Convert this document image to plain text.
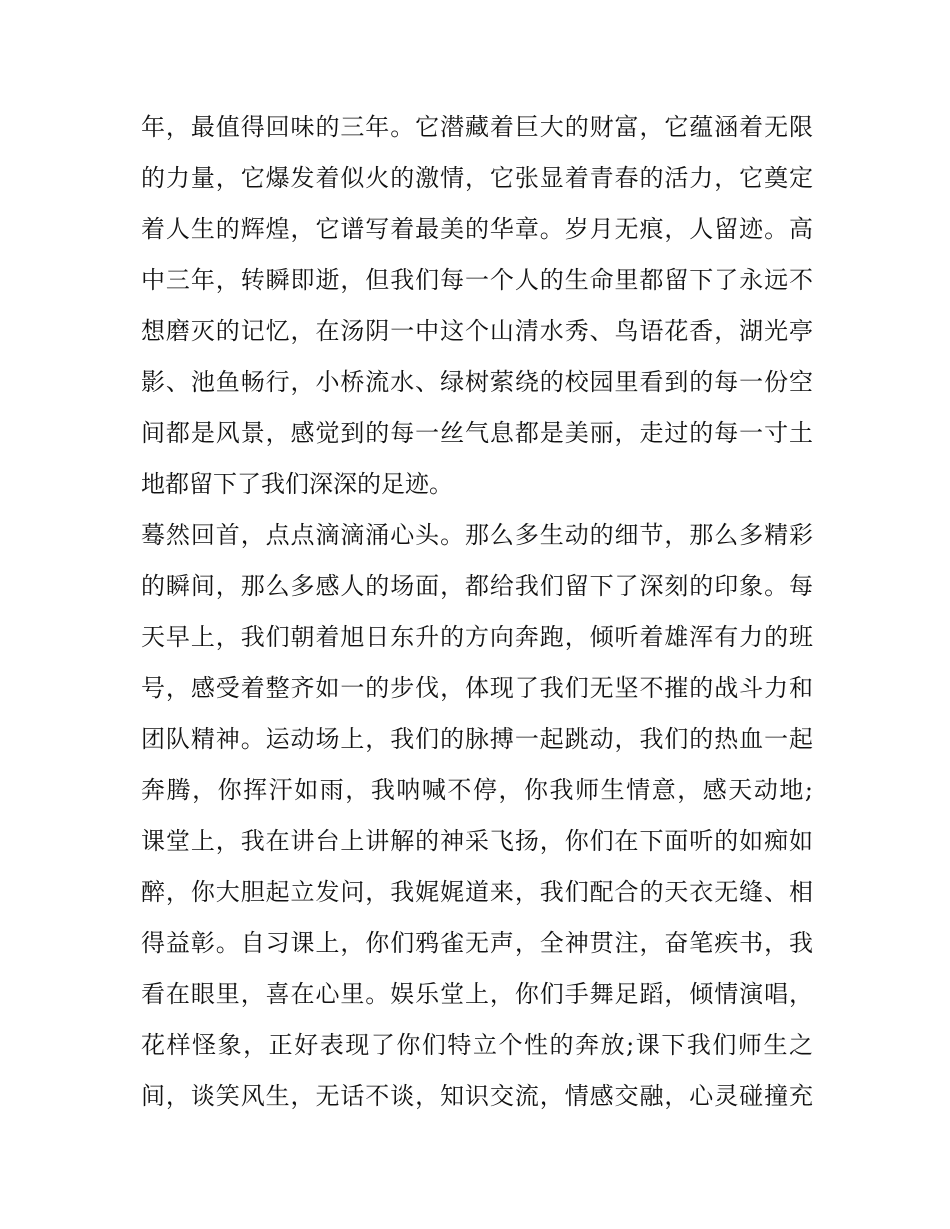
年，最值得回味的三年。它潜藏着巨大的财富，它蕴涵着无限
的力量，它爆发着似火的激情，它张显着青春的活力，它奠定
着人生的辉煌，它谱写着最美的华章。岁月无痕，人留迹。高
中三年，转瞬即逝，但我们每一个人的生命里都留下了永远不
想磨灭的记忆，在汤阴一中这个山清水秀、鸟语花香，湖光亭
影、池鱼畅行，小桥流水、绿树萦绕的校园里看到的每一份空
间都是风景，感觉到的每一丝气息都是美丽，走过的每一寸土
地都留下了我们深深的足迹。
蓦然回首，点点滴滴涌心头。那么多生动的细节，那么多精彩
的瞬间，那么多感人的场面，都给我们留下了深刻的印象。每
天早上，我们朝着旭日东升的方向奔跑，倾听着雄浑有力的班
号，感受着整齐如一的步伐，体现了我们无坚不摧的战斗力和
团队精神。运动场上，我们的脉搏一起跳动，我们的热血一起
奔腾，你挥汗如雨，我呐喊不停，你我师生情意，感天动地;
课堂上，我在讲台上讲解的神采飞扬，你们在下面听的如痴如
醉，你大胆起立发问，我娓娓道来，我们配合的天衣无缝、相
得益彰。自习课上，你们鸦雀无声，全神贯注，奋笔疾书，我
看在眼里，喜在心里。娱乐堂上，你们手舞足蹈，倾情演唱，
花样怪象，正好表现了你们特立个性的奔放;课下我们师生之
间，谈笑风生，无话不谈，知识交流，情感交融，心灵碰撞充
